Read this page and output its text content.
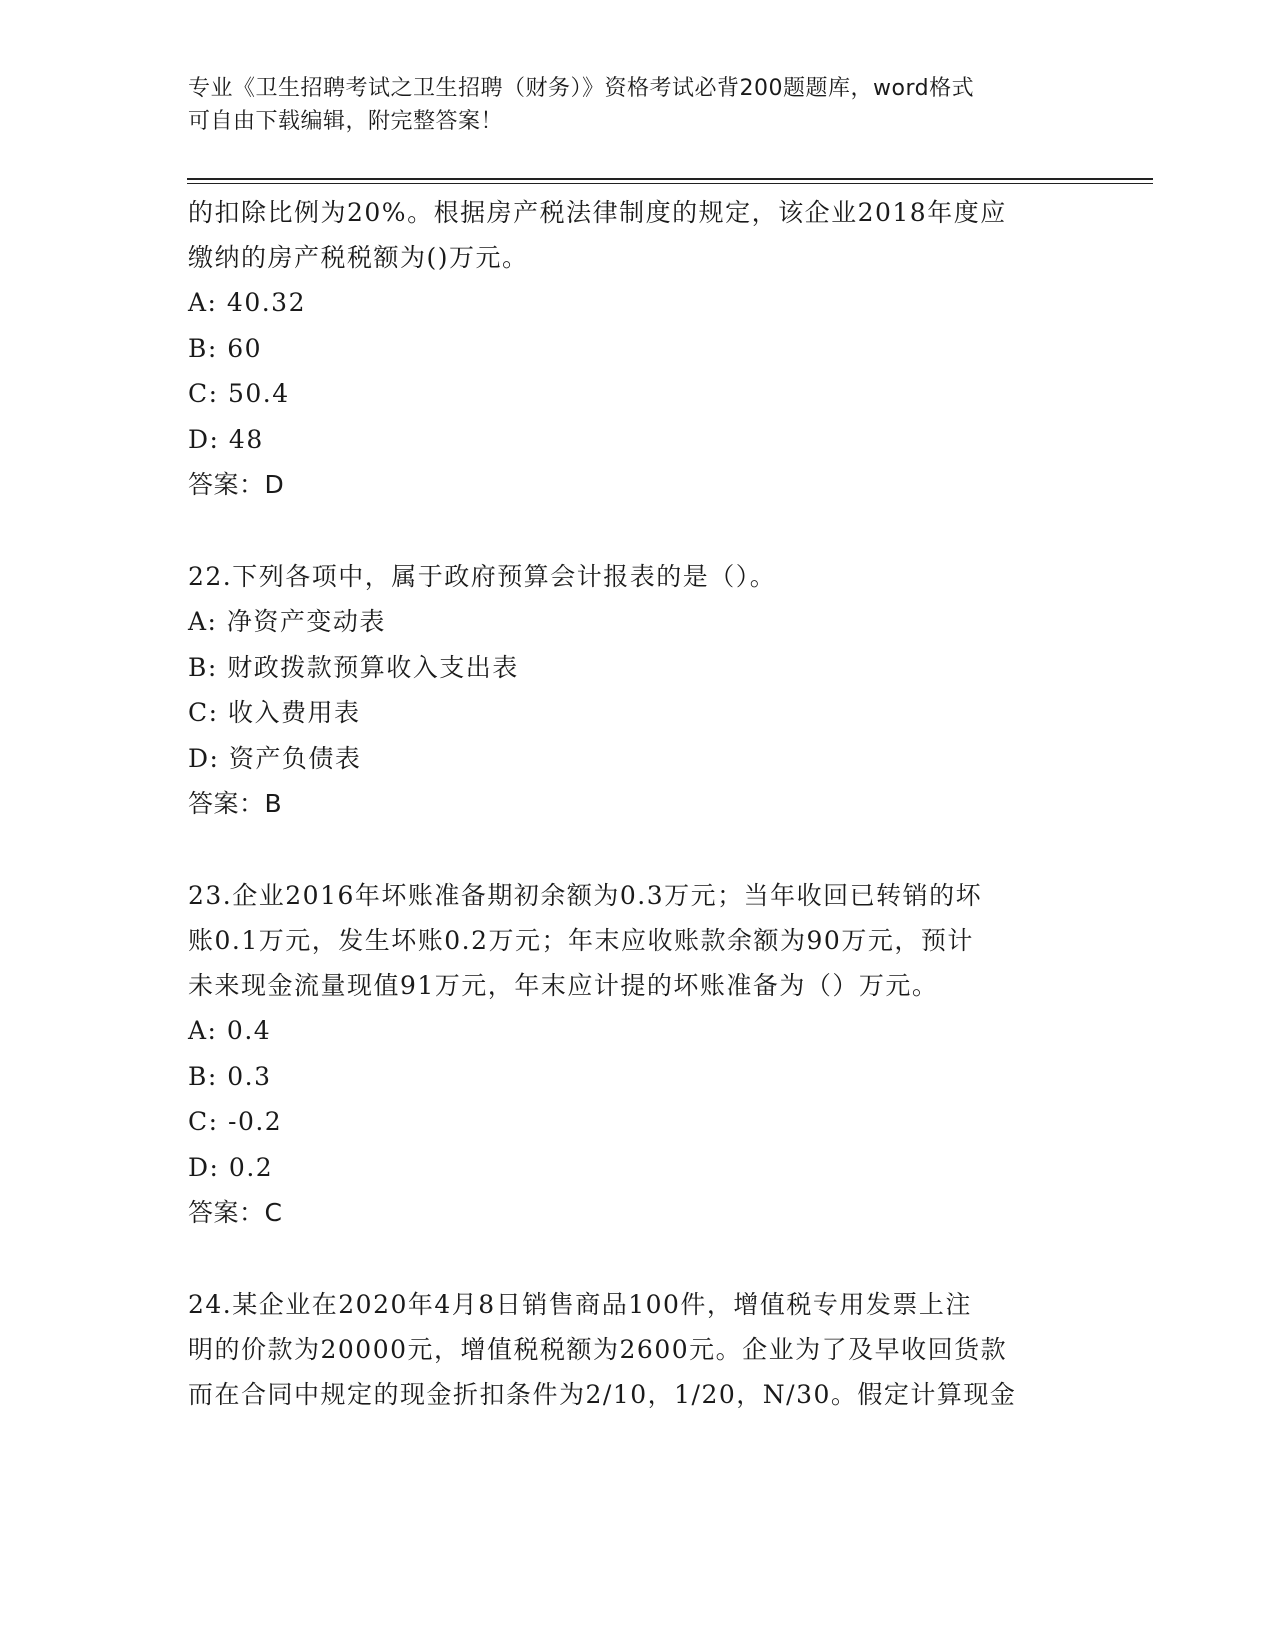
专业《卫生招聘考试之卫生招聘（财务）》资格考试必背200题题库，word格式
可自由下载编辑，附完整答案！

的扣除比例为20%。根据房产税法律制度的规定，该企业2018年度应

缴纳的房产税税额为()万元。

A: 40.32

B: 60

C: 50.4

D: 48

答案：D

22.下列各项中，属于政府预算会计报表的是（）。

A: 净资产变动表

B: 财政拨款预算收入支出表

C: 收入费用表

D: 资产负债表

答案：B

23.企业2016年坏账准备期初余额为0.3万元；当年收回已转销的坏

账0.1万元，发生坏账0.2万元；年末应收账款余额为90万元，预计

未来现金流量现值91万元，年末应计提的坏账准备为（）万元。

A: 0.4

B: 0.3

C: -0.2

D: 0.2

答案：C

24.某企业在2020年4月8日销售商品100件，增值税专用发票上注

明的价款为20000元，增值税税额为2600元。企业为了及早收回货款

而在合同中规定的现金折扣条件为2/10，1/20，N/30。假定计算现金
